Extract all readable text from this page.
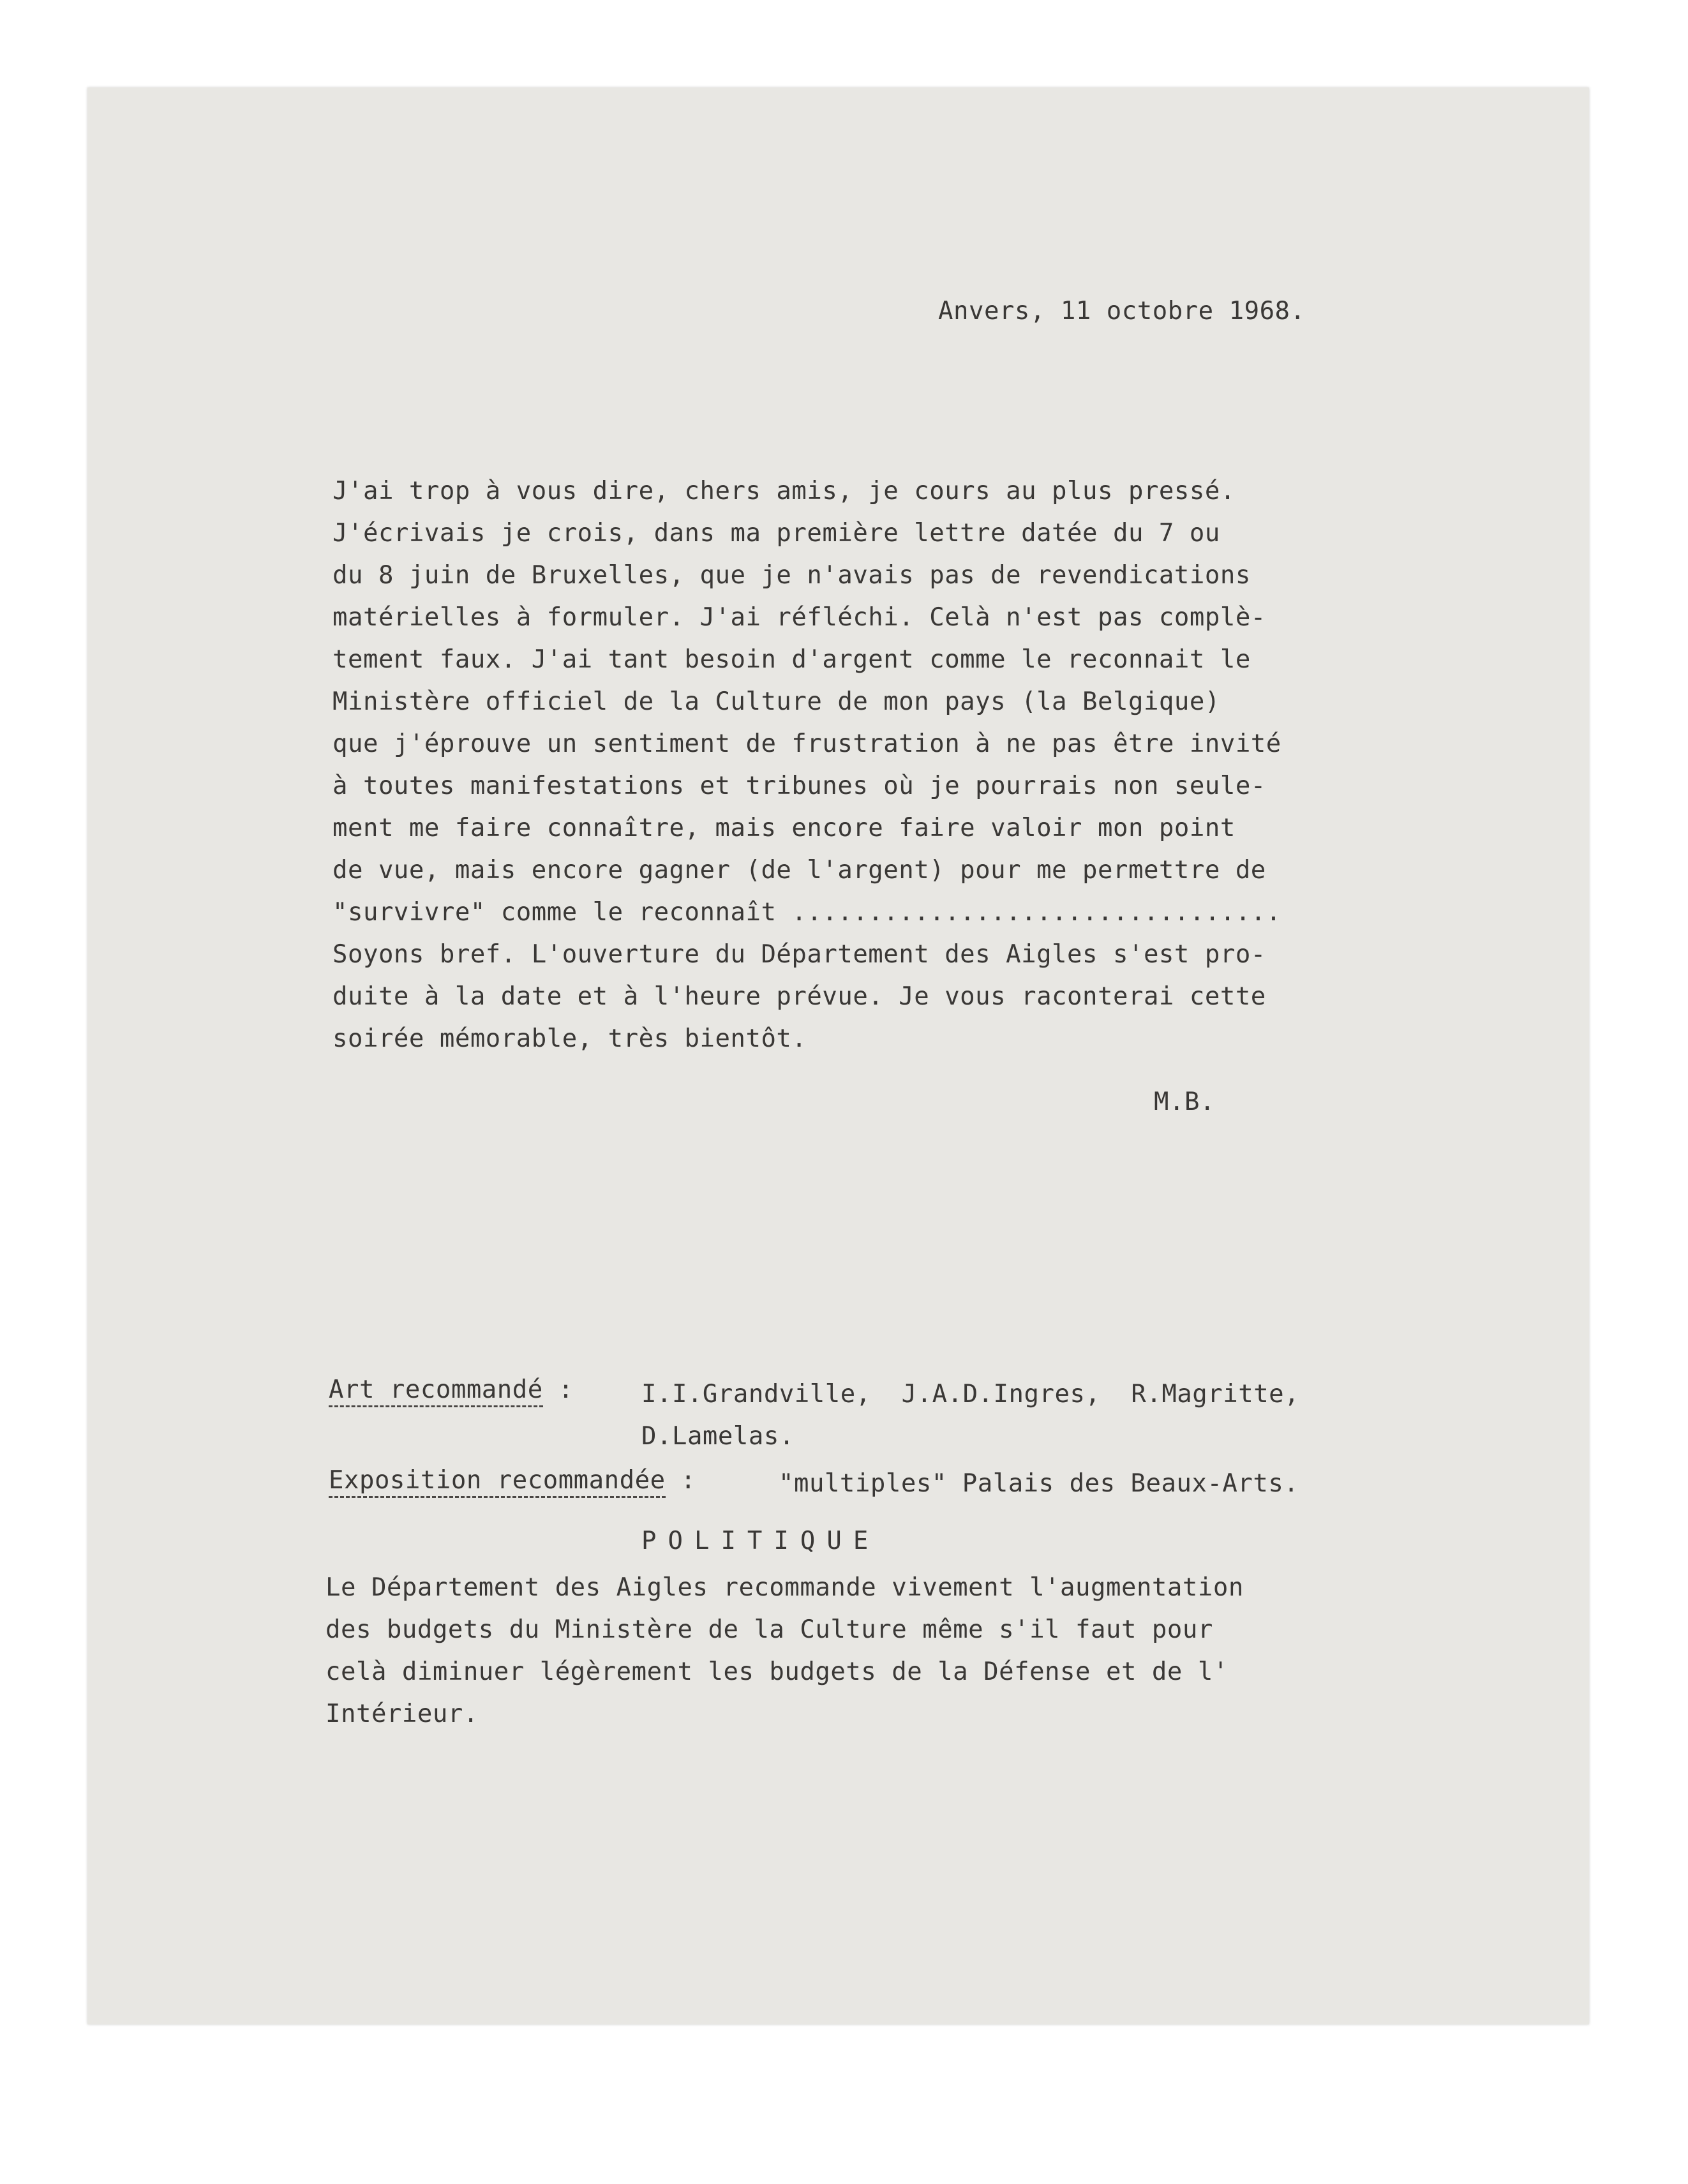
Anvers, 11 octobre 1968.
J'ai trop à vous dire, chers amis, je cours au plus pressé.
J'écrivais je crois, dans ma première lettre datée du 7 ou
du 8 juin de Bruxelles, que je n'avais pas de revendications
matérielles à formuler. J'ai réfléchi. Celà n'est pas complè-
tement faux. J'ai tant besoin d'argent comme le reconnait le
Ministère officiel de la Culture de mon pays (la Belgique)
que j'éprouve un sentiment de frustration à ne pas être invité
à toutes manifestations et tribunes où je pourrais non seule-
ment me faire connaître, mais encore faire valoir mon point
de vue, mais encore gagner (de l'argent) pour me permettre de
"survivre" comme le reconnaît ................................
Soyons bref. L'ouverture du Département des Aigles s'est pro-
duite à la date et à l'heure prévue. Je vous raconterai cette
soirée mémorable, très bientôt.
M.B.
Art recommandé :	I.I.Grandville,  J.A.D.Ingres,  R.Magritte,
D.Lamelas.
Exposition recommandée :	"multiples" Palais des Beaux-Arts.
POLITIQUE
Le Département des Aigles recommande vivement l'augmentation
des budgets du Ministère de la Culture même s'il faut pour
celà diminuer légèrement les budgets de la Défense et de l'
Intérieur.
